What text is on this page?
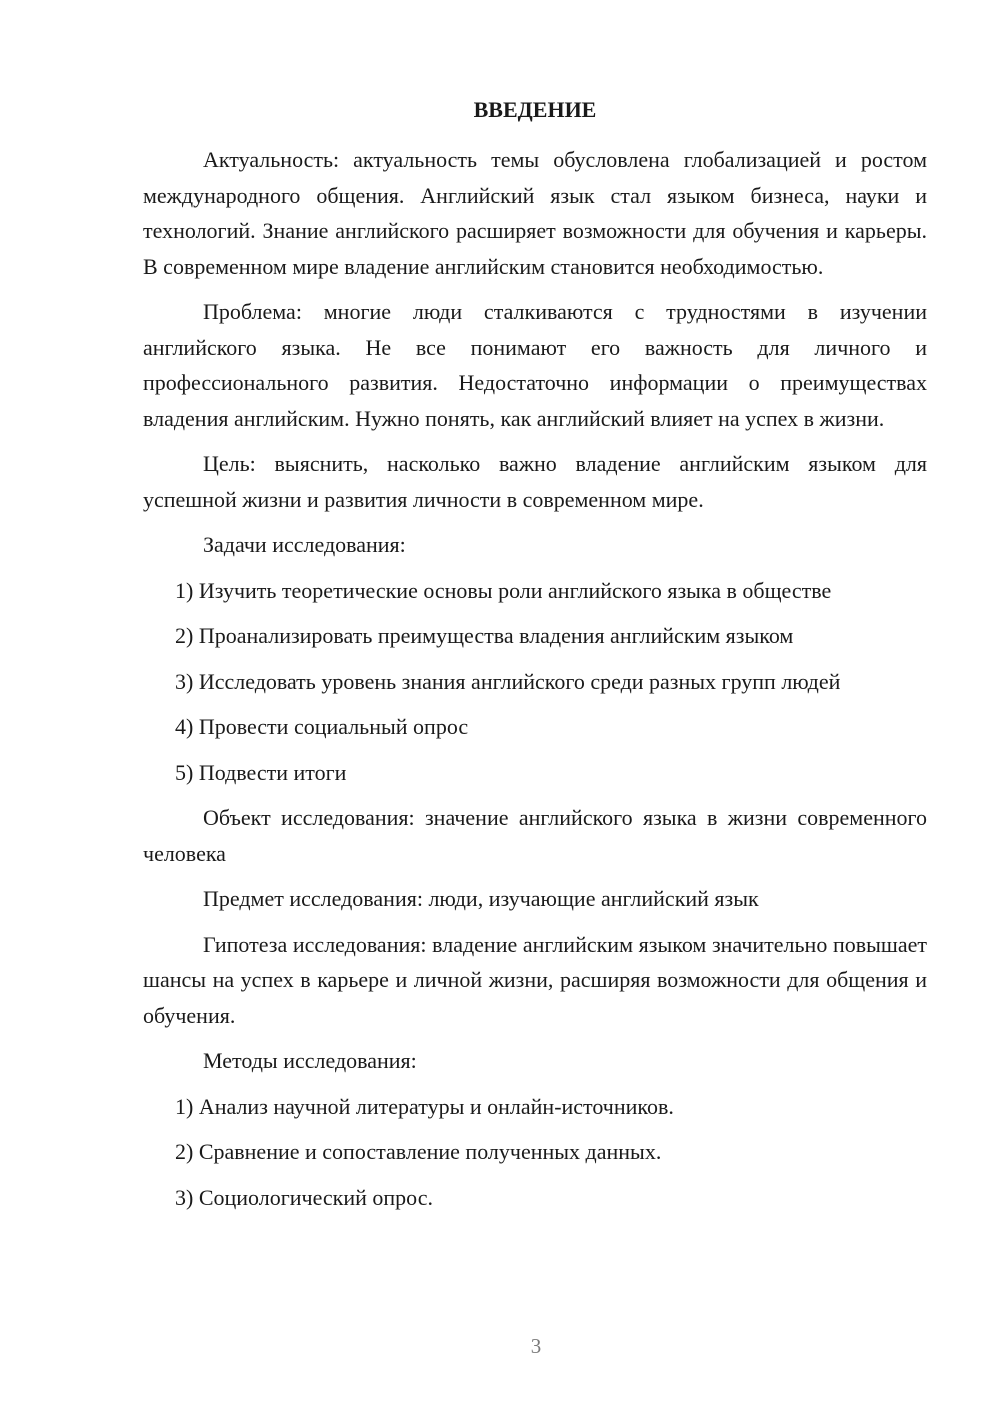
ВВЕДЕНИЕ

Актуальность: актуальность темы обусловлена глобализацией и ростом международного общения. Английский язык стал языком бизнеса, науки и технологий. Знание английского расширяет возможности для обучения и карьеры. В современном мире владение английским становится необходимостью.

Проблема: многие люди сталкиваются с трудностями в изучении английского языка. Не все понимают его важность для личного и профессионального развития. Недостаточно информации о преимуществах владения английским. Нужно понять, как английский влияет на успех в жизни.

Цель: выяснить, насколько важно владение английским языком для успешной жизни и развития личности в современном мире.

Задачи исследования:

1) Изучить теоретические основы роли английского языка в обществе

2) Проанализировать преимущества владения английским языком

3) Исследовать уровень знания английского среди разных групп людей

4) Провести социальный опрос

5) Подвести итоги

Объект исследования: значение английского языка в жизни современного человека

Предмет исследования: люди, изучающие английский язык

Гипотеза исследования: владение английским языком значительно повышает шансы на успех в карьере и личной жизни, расширяя возможности для общения и обучения.

Методы исследования:

1) Анализ научной литературы и онлайн-источников.

2) Сравнение и сопоставление полученных данных.

3) Социологический опрос.

3
